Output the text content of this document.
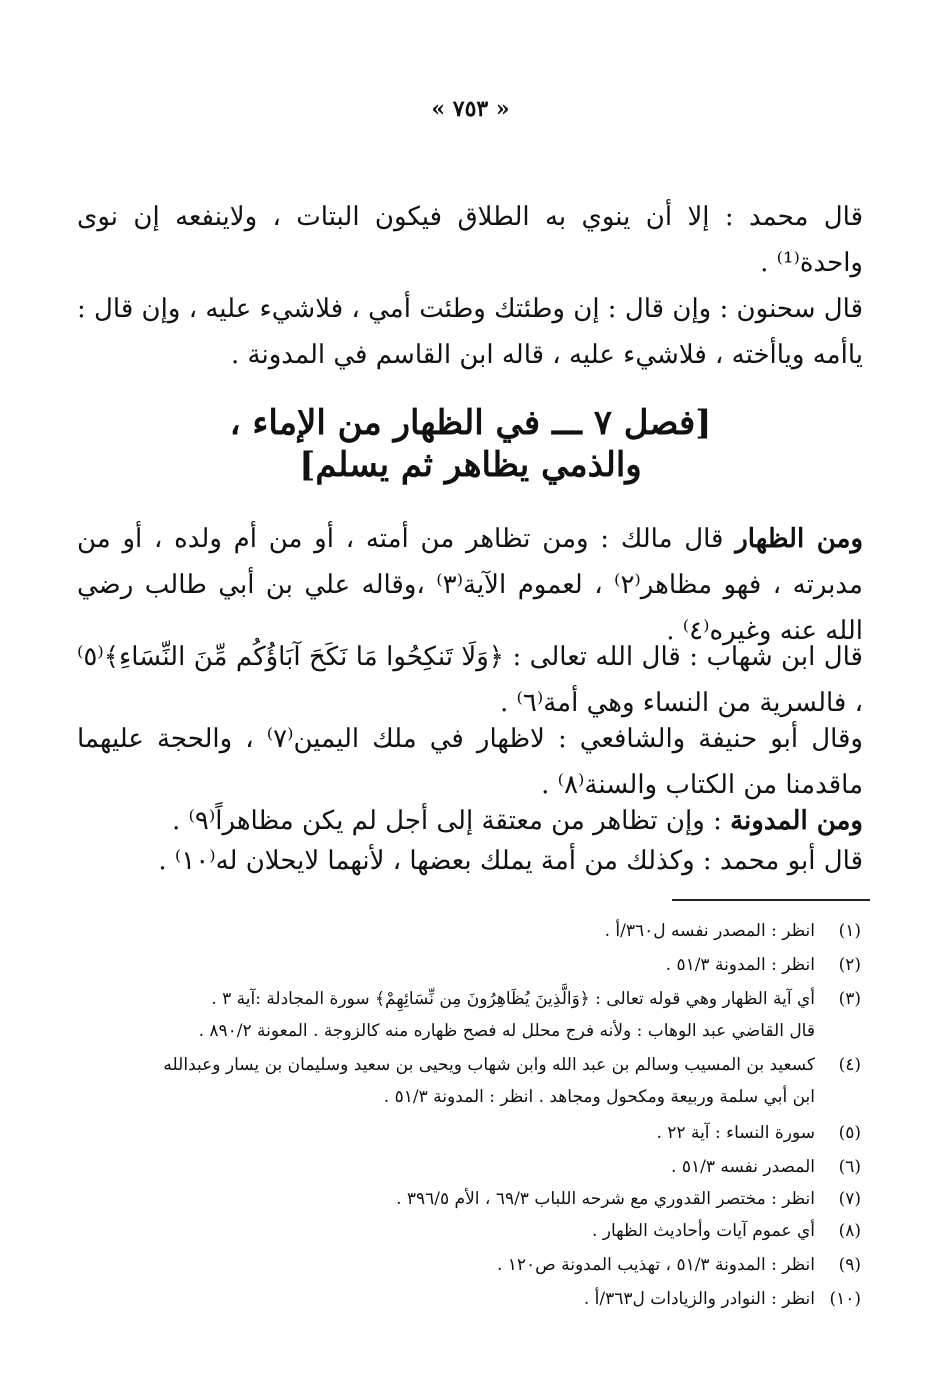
« ٧٥٣ »
قال محمد : إلا أن ينوي به الطلاق فيكون البتات ، ولاينفعه إن نوى واحدة⁽¹⁾ .
قال سحنون : وإن قال : إن وطئتك وطئت أمي ، فلاشيء عليه ، وإن قال : ياأمه وياأخته ، فلاشيء عليه ، قاله ابن القاسم في المدونة .
[فصل ٧ ـــ في الظهار من الإماء ،
والذمي يظاهر ثم يسلم]
ومن الظهار قال مالك : ومن تظاهر من أمته ، أو من أم ولده ، أو من مدبرته ، فهو مظاهر⁽٢⁾ ، لعموم الآية⁽٣⁾ ،وقاله علي بن أبي طالب رضي الله عنه وغيره⁽٤⁾ .
قال ابن شهاب : قال الله تعالى : ﴿وَلَا تَنكِحُوا مَا نَكَحَ آبَاؤُكُم مِّنَ النِّسَاءِ﴾⁽٥⁾ ، فالسرية من النساء وهي أمة⁽٦⁾ .
وقال أبو حنيفة والشافعي : لاظهار في ملك اليمين⁽٧⁾ ، والحجة عليهما ماقدمنا من الكتاب والسنة⁽٨⁾ .
ومن المدونة : وإن تظاهر من معتقة إلى أجل لم يكن مظاهراً⁽٩⁾ .
قال أبو محمد : وكذلك من أمة يملك بعضها ، لأنهما لايحلان له⁽١٠⁾ .
(١)انظر : المصدر نفسه ل٣٦٠/أ .
(٢)انظر : المدونة ٥١/٣ .
(٣)أي آية الظهار وهي قوله تعالى : ﴿وَالَّذِينَ يُظَاهِرُونَ مِن نِّسَائِهِمْ﴾ سورة المجادلة :آية ٣ .
قال القاضي عبد الوهاب : ولأنه فرج محلل له فصح ظهاره منه كالزوجة . المعونة ٨٩٠/٢ .
(٤)كسعيد بن المسيب وسالم بن عبد الله وابن شهاب ويحيى بن سعيد وسليمان بن يسار وعبدالله
ابن أبي سلمة وربيعة ومكحول ومجاهد . انظر : المدونة ٥١/٣ .
(٥)سورة النساء : آية ٢٢ .
(٦)المصدر نفسه ٥١/٣ .
(٧)انظر : مختصر القدوري مع شرحه اللباب ٦٩/٣ ، الأم ٣٩٦/٥ .
(٨)أي عموم آيات وأحاديث الظهار .
(٩)انظر : المدونة ٥١/٣ ، تهذيب المدونة ص١٢٠ .
(١٠)انظر : النوادر والزيادات ل٣٦٣/أ .
